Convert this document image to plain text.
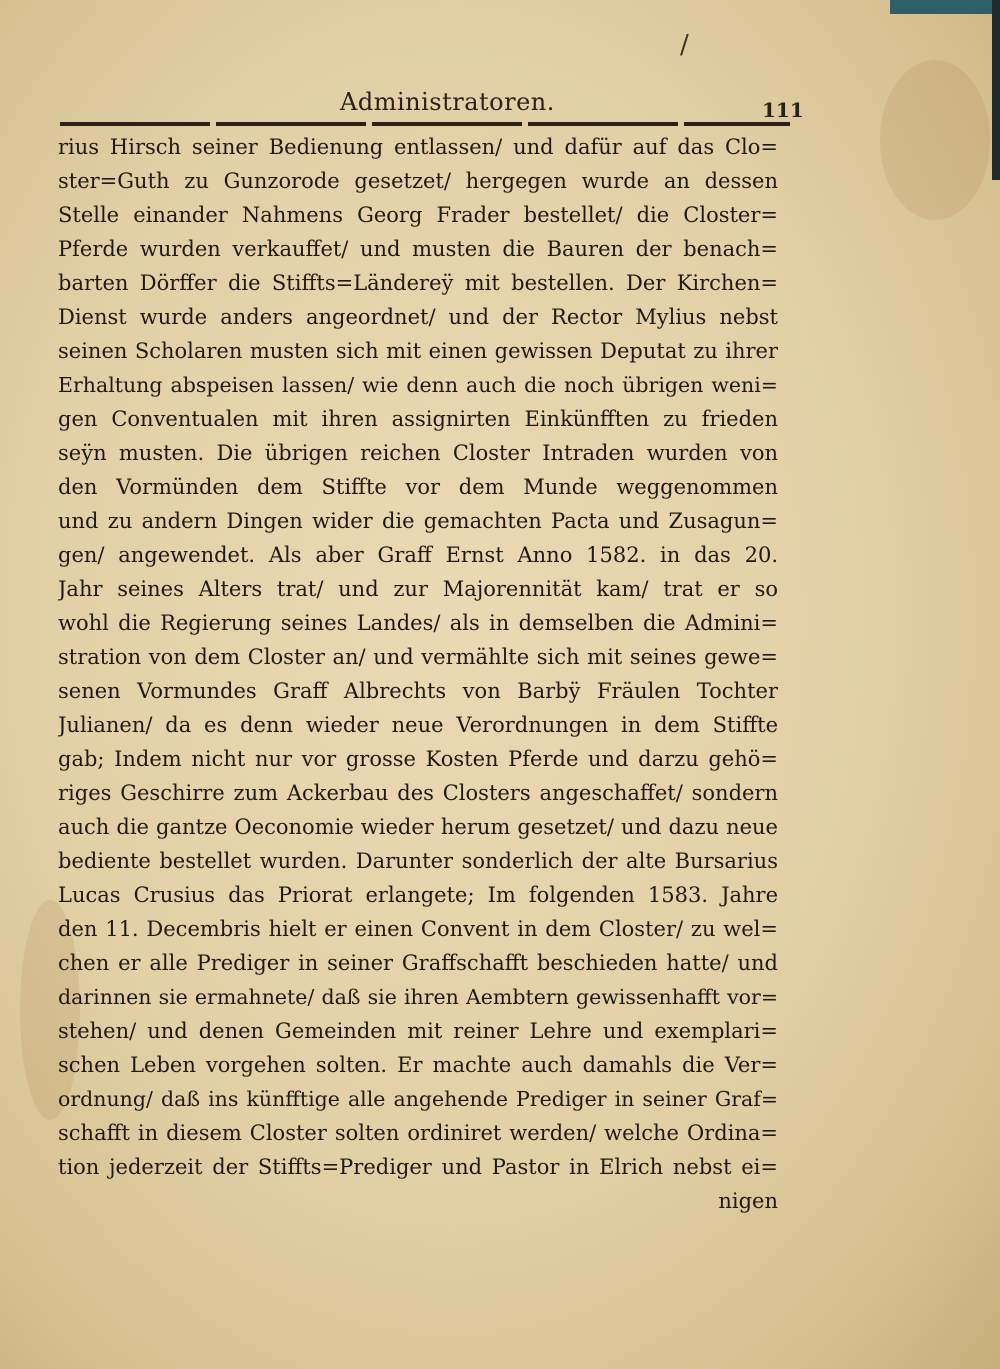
/
Administratoren.	111
rius Hirsch seiner Bedienung entlassen/ und dafür auf das Clo=
ster=Guth zu Gunzorode gesetzet/ hergegen wurde an dessen
Stelle einander Nahmens Georg Frader bestellet/ die Closter=
Pferde wurden verkauffet/ und musten die Bauren der benach=
barten Dörffer die Stiffts=Ländereÿ mit bestellen. Der Kirchen=
Dienst wurde anders angeordnet/ und der Rector Mylius nebst
seinen Scholaren musten sich mit einen gewissen Deputat zu ihrer
Erhaltung abspeisen lassen/ wie denn auch die noch übrigen weni=
gen Conventualen mit ihren assignirten Einkünfften zu frieden
seÿn musten. Die übrigen reichen Closter Intraden wurden von
den Vormünden dem Stiffte vor dem Munde weggenommen
und zu andern Dingen wider die gemachten Pacta und Zusagun=
gen/ angewendet. Als aber Graff Ernst Anno 1582. in das 20.
Jahr seines Alters trat/ und zur Majorennität kam/ trat er so
wohl die Regierung seines Landes/ als in demselben die Admini=
stration von dem Closter an/ und vermählte sich mit seines gewe=
senen Vormundes Graff Albrechts von Barbÿ Fräulen Tochter
Julianen/ da es denn wieder neue Verordnungen in dem Stiffte
gab; Indem nicht nur vor grosse Kosten Pferde und darzu gehö=
riges Geschirre zum Ackerbau des Closters angeschaffet/ sondern
auch die gantze Oeconomie wieder herum gesetzet/ und dazu neue
bediente bestellet wurden. Darunter sonderlich der alte Bursarius
Lucas Crusius das Priorat erlangete; Im folgenden 1583. Jahre
den 11. Decembris hielt er einen Convent in dem Closter/ zu wel=
chen er alle Prediger in seiner Graffschafft beschieden hatte/ und
darinnen sie ermahnete/ daß sie ihren Aembtern gewissenhafft vor=
stehen/ und denen Gemeinden mit reiner Lehre und exemplari=
schen Leben vorgehen solten. Er machte auch damahls die Ver=
ordnung/ daß ins künfftige alle angehende Prediger in seiner Graf=
schafft in diesem Closter solten ordiniret werden/ welche Ordina=
tion jederzeit der Stiffts=Prediger und Pastor in Elrich nebst ei=
nigen
